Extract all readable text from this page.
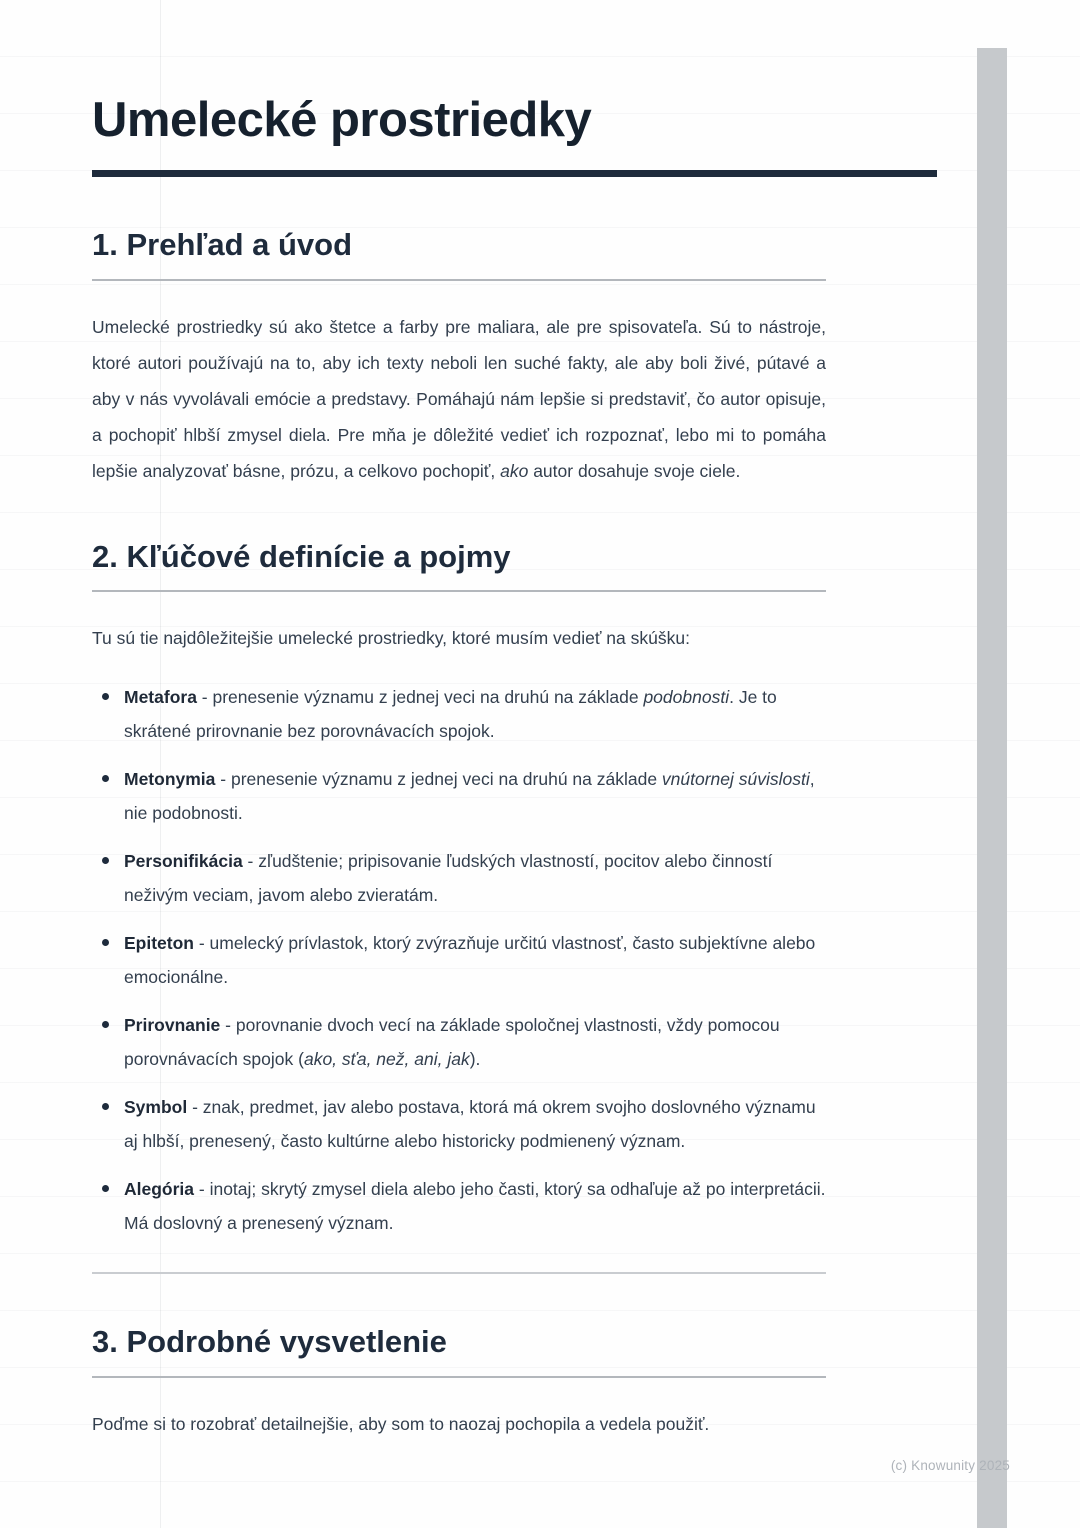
Umelecké prostriedky
1. Prehľad a úvod

Umelecké prostriedky sú ako štetce a farby pre maliara, ale pre spisovateľa. Sú to nástroje, ktoré autori používajú na to, aby ich texty neboli len suché fakty, ale aby boli živé, pútavé a aby v nás vyvolávali emócie a predstavy. Pomáhajú nám lepšie si predstaviť, čo autor opisuje, a pochopiť hlbší zmysel diela. Pre mňa je dôležité vedieť ich rozpoznať, lebo mi to pomáha lepšie analyzovať básne, prózu, a celkovo pochopiť, ako autor dosahuje svoje ciele.

2. Kľúčové definície a pojmy

Tu sú tie najdôležitejšie umelecké prostriedky, ktoré musím vedieť na skúšku:

Metafora - prenesenie významu z jednej veci na druhú na základe podobnosti. Je to skrátené prirovnanie bez porovnávacích spojok.
Metonymia - prenesenie významu z jednej veci na druhú na základe vnútornej súvislosti, nie podobnosti.
Personifikácia - zľudštenie; pripisovanie ľudských vlastností, pocitov alebo činností neživým veciam, javom alebo zvieratám.
Epiteton - umelecký prívlastok, ktorý zvýrazňuje určitú vlastnosť, často subjektívne alebo emocionálne.
Prirovnanie - porovnanie dvoch vecí na základe spoločnej vlastnosti, vždy pomocou porovnávacích spojok (ako, sťa, než, ani, jak).
Symbol - znak, predmet, jav alebo postava, ktorá má okrem svojho doslovného významu aj hlbší, prenesený, často kultúrne alebo historicky podmienený význam.
Alegória - inotaj; skrytý zmysel diela alebo jeho časti, ktorý sa odhaľuje až po interpretácii. Má doslovný a prenesený význam.
3. Podrobné vysvetlenie

Poďme si to rozobrať detailnejšie, aby som to naozaj pochopila a vedela použiť.

(c) Knowunity 2025
